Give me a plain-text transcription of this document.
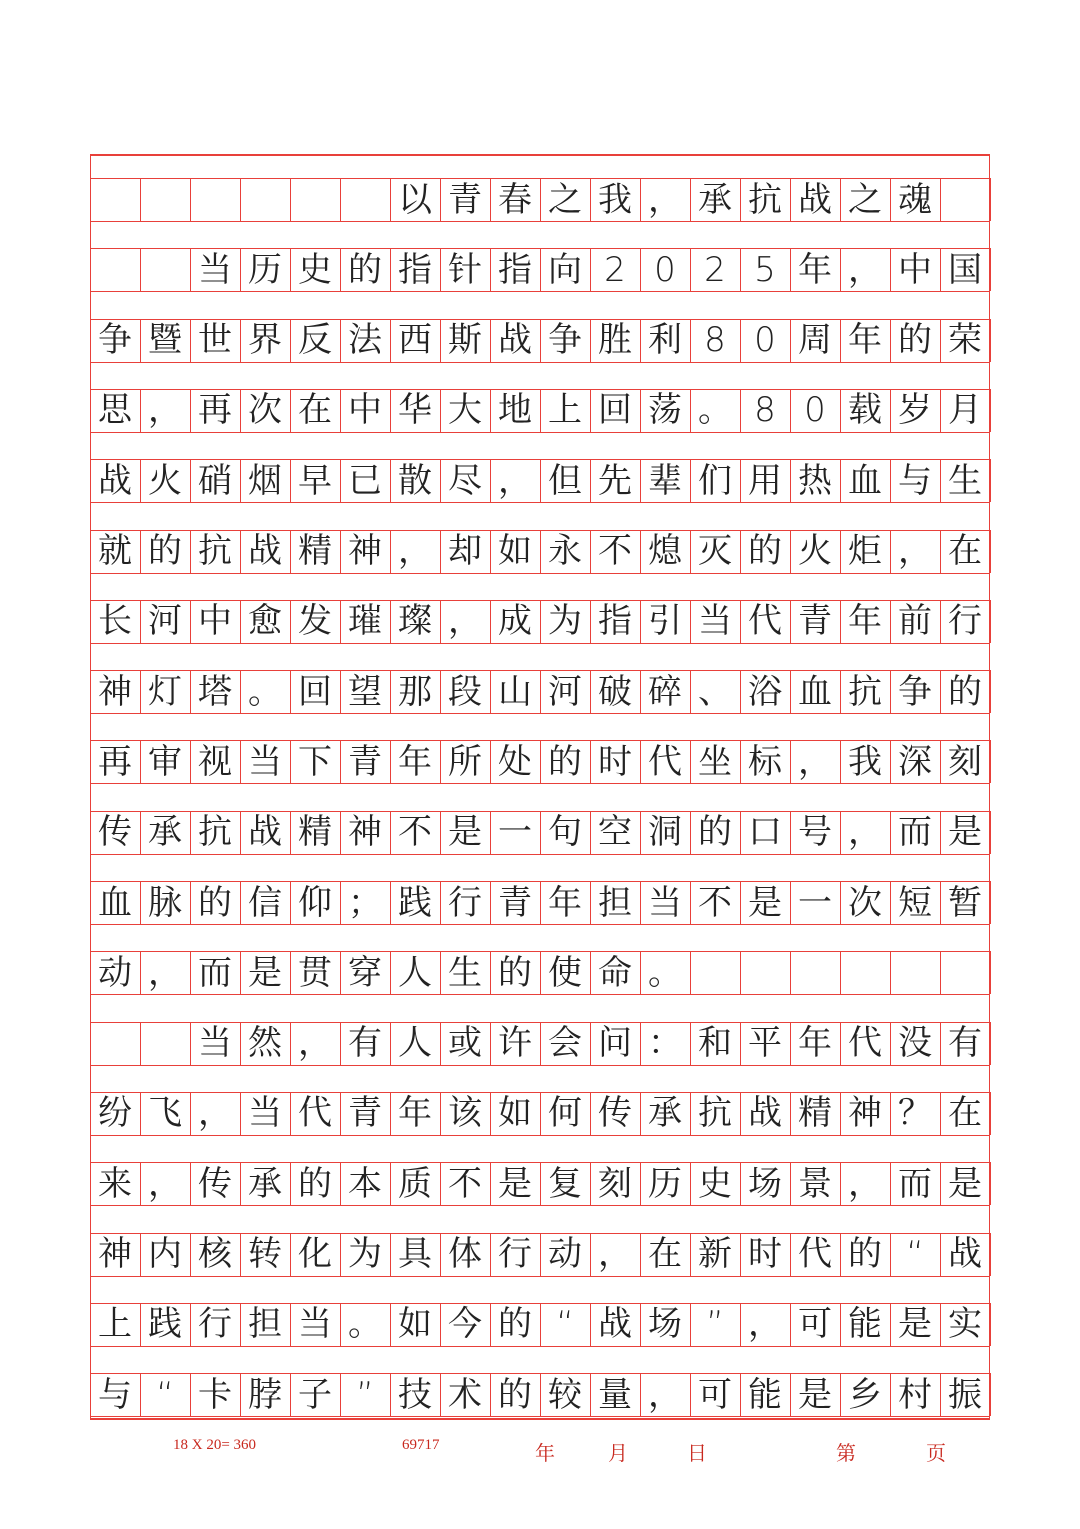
以 青 春 之 我 ， 承 抗 战 之 魂
当 历 史 的 指 针 指 向 2 0 2 5 年 ， 中 国
争 暨 世 界 反 法 西 斯 战 争 胜 利 8 0 周 年 的 荣
思 ， 再 次 在 中 华 大 地 上 回 荡 。 8 0 载 岁 月
战 火 硝 烟 早 已 散 尽 ， 但 先 辈 们 用 热 血 与 生
就 的 抗 战 精 神 ， 却 如 永 不 熄 灭 的 火 炬 ， 在
长 河 中 愈 发 璀 璨 ， 成 为 指 引 当 代 青 年 前 行
神 灯 塔 。 回 望 那 段 山 河 破 碎 、 浴 血 抗 争 的
再 审 视 当 下 青 年 所 处 的 时 代 坐 标 ， 我 深 刻
传 承 抗 战 精 神 不 是 一 句 空 洞 的 口 号 ， 而 是
血 脉 的 信 仰 ； 践 行 青 年 担 当 不 是 一 次 短 暂
动 ， 而 是 贯 穿 人 生 的 使 命 。
当 然 ， 有 人 或 许 会 问 ： 和 平 年 代 没 有
纷 飞 ， 当 代 青 年 该 如 何 传 承 抗 战 精 神 ？ 在
来 ， 传 承 的 本 质 不 是 复 刻 历 史 场 景 ， 而 是
神 内 核 转 化 为 具 体 行 动 ， 在 新 时 代 的 “ 战
上 践 行 担 当 。 如 今 的 “ 战 场 ” ， 可 能 是 实
与 “ 卡 脖 子 ” 技 术 的 较 量 ， 可 能 是 乡 村 振
18 X 20= 360	69717	年	月	日	第	页
